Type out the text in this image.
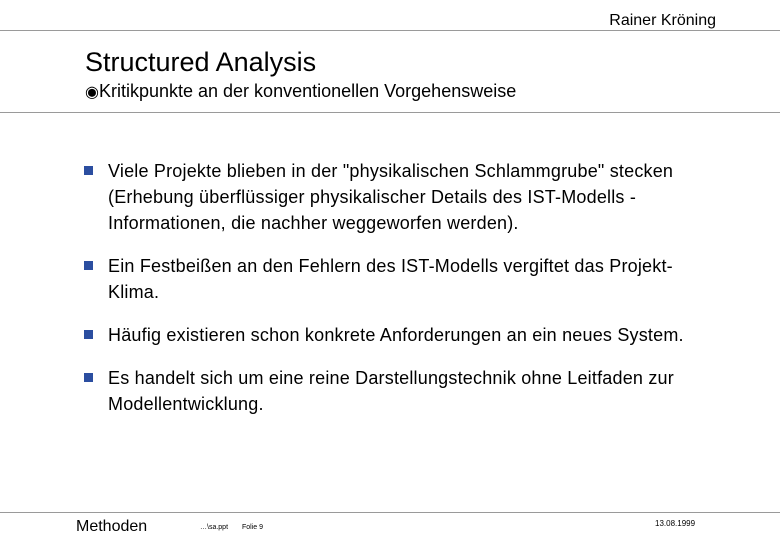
Rainer Kröning
Structured Analysis
◉Kritikpunkte an der konventionellen Vorgehensweise
Viele Projekte blieben in der "physikalischen Schlammgrube" stecken (Erhebung überflüssiger physikalischer Details des IST-Modells - Informationen, die nachher weggeworfen werden).
Ein Festbeißen an den Fehlern des IST-Modells vergiftet das Projekt-Klima.
Häufig existieren schon konkrete Anforderungen an ein neues System.
Es handelt sich um eine reine Darstellungstechnik ohne Leitfaden zur Modellentwicklung.
Methoden	…\sa.ppt Folie 9	13.08.1999
